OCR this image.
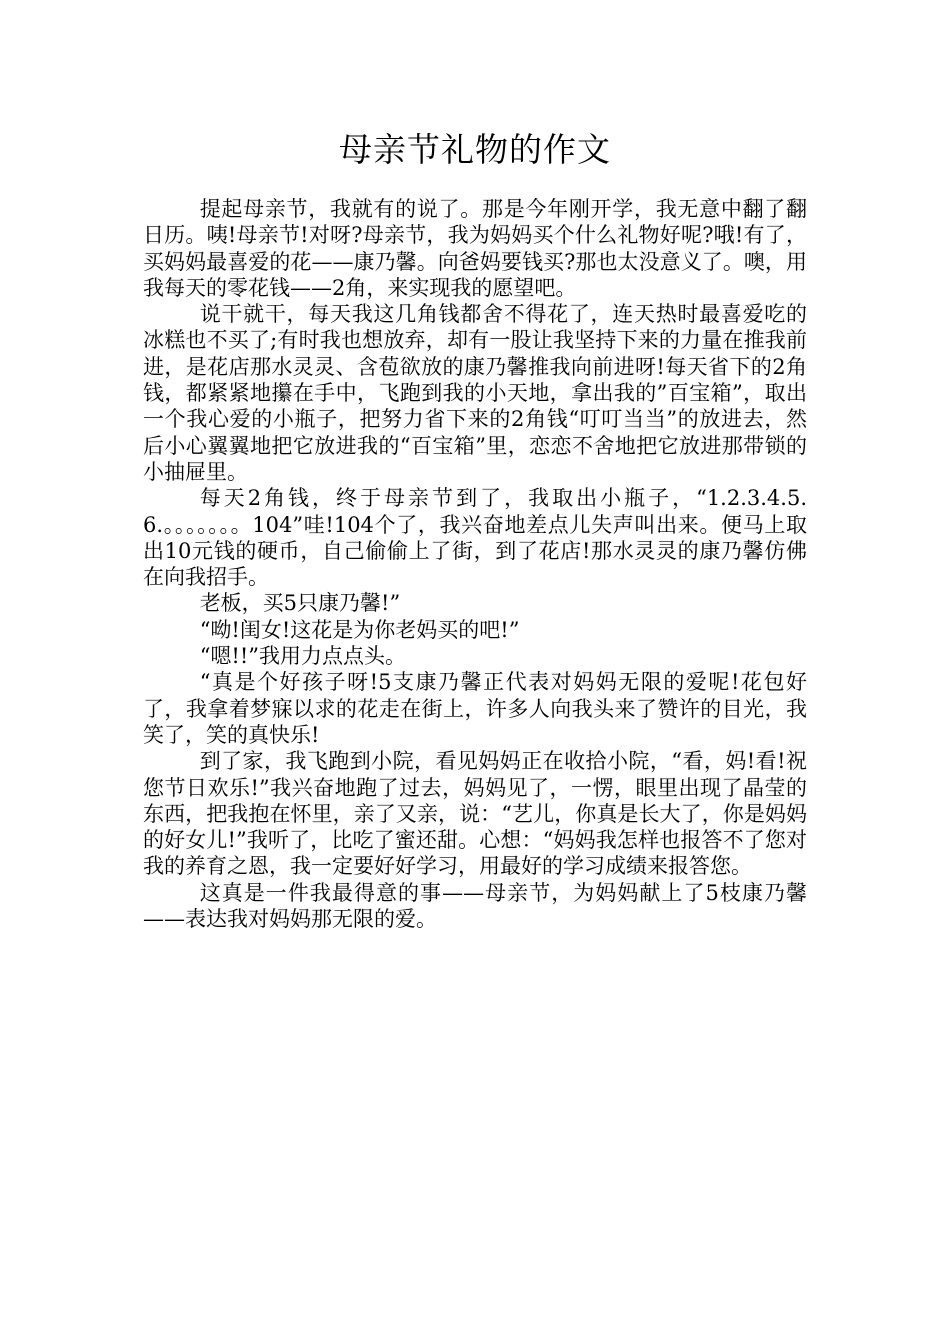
母亲节礼物的作文

提起母亲节，我就有的说了。那是今年刚开学，我无意中翻了翻日历。咦!母亲节!对呀?母亲节，我为妈妈买个什么礼物好呢?哦!有了，买妈妈最喜爱的花——康乃馨。向爸妈要钱买?那也太没意义了。噢，用我每天的零花钱——2角，来实现我的愿望吧。

说干就干，每天我这几角钱都舍不得花了，连天热时最喜爱吃的冰糕也不买了;有时我也想放弃，却有一股让我坚持下来的力量在推我前进，是花店那水灵灵、含苞欲放的康乃馨推我向前进呀!每天省下的2角钱，都紧紧地攥在手中，飞跑到我的小天地，拿出我的”百宝箱”，取出一个我心爱的小瓶子，把努力省下来的2角钱“叮叮当当”的放进去，然后小心翼翼地把它放进我的“百宝箱”里，恋恋不舍地把它放进那带锁的小抽屉里。

每天2角钱，终于母亲节到了，我取出小瓶子，“1.2.3.4.5.6.。。。。。。。104”哇!104个了，我兴奋地差点儿失声叫出来。便马上取出10元钱的硬币，自己偷偷上了街，到了花店!那水灵灵的康乃馨仿佛在向我招手。

老板，买5只康乃馨!”

“呦!闺女!这花是为你老妈买的吧!”

“嗯!!”我用力点点头。

“真是个好孩子呀!5支康乃馨正代表对妈妈无限的爱呢!花包好了，我拿着梦寐以求的花走在街上，许多人向我头来了赞许的目光，我笑了，笑的真快乐!

到了家，我飞跑到小院，看见妈妈正在收拾小院，“看，妈!看!祝您节日欢乐!”我兴奋地跑了过去，妈妈见了，一愣，眼里出现了晶莹的东西，把我抱在怀里，亲了又亲，说：“艺儿，你真是长大了，你是妈妈的好女儿!”我听了，比吃了蜜还甜。心想：“妈妈我怎样也报答不了您对我的养育之恩，我一定要好好学习，用最好的学习成绩来报答您。

这真是一件我最得意的事——母亲节，为妈妈献上了5枝康乃馨——表达我对妈妈那无限的爱。
